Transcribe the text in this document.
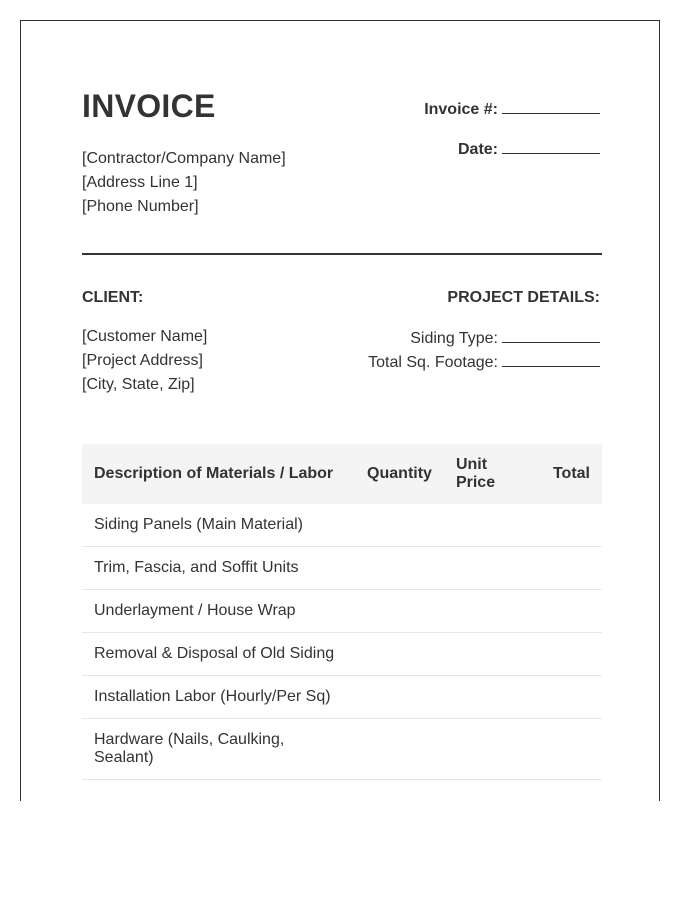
INVOICE
[Contractor/Company Name]
[Address Line 1]
[Phone Number]
Invoice #:
Date:
CLIENT:	PROJECT DETAILS:
[Customer Name]
[Project Address]
[City, State, Zip]
Siding Type:
Total Sq. Footage:
Description of Materials / Labor	Quantity	Unit Price	Total
Siding Panels (Main Material)			
Trim, Fascia, and Soffit Units			
Underlayment / House Wrap			
Removal & Disposal of Old Siding			
Installation Labor (Hourly/Per Sq)			
Hardware (Nails, Caulking, Sealant)			
